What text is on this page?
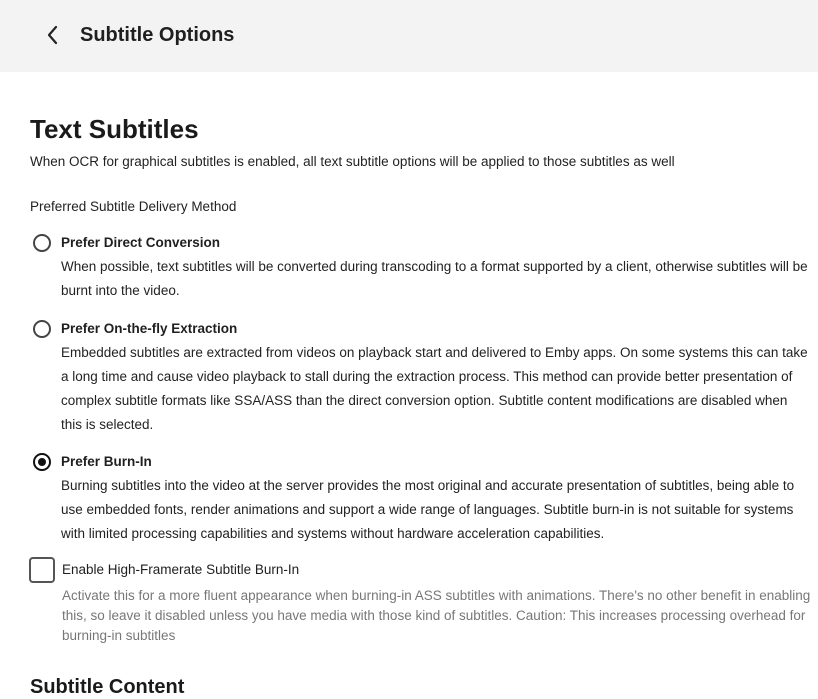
Subtitle Options
Text Subtitles
When OCR for graphical subtitles is enabled, all text subtitle options will be applied to those subtitles as well
Preferred Subtitle Delivery Method
Prefer Direct Conversion
When possible, text subtitles will be converted during transcoding to a format supported by a client, otherwise subtitles will be burnt into the video.
Prefer On-the-fly Extraction
Embedded subtitles are extracted from videos on playback start and delivered to Emby apps. On some systems this can take a long time and cause video playback to stall during the extraction process. This method can provide better presentation of complex subtitle formats like SSA/ASS than the direct conversion option. Subtitle content modifications are disabled when this is selected.
Prefer Burn-In
Burning subtitles into the video at the server provides the most original and accurate presentation of subtitles, being able to use embedded fonts, render animations and support a wide range of languages. Subtitle burn-in is not suitable for systems with limited processing capabilities and systems without hardware acceleration capabilities.
Enable High-Framerate Subtitle Burn-In
Activate this for a more fluent appearance when burning-in ASS subtitles with animations. There's no other benefit in enabling this, so leave it disabled unless you have media with those kind of subtitles. Caution: This increases processing overhead for burning-in subtitles
Subtitle Content
